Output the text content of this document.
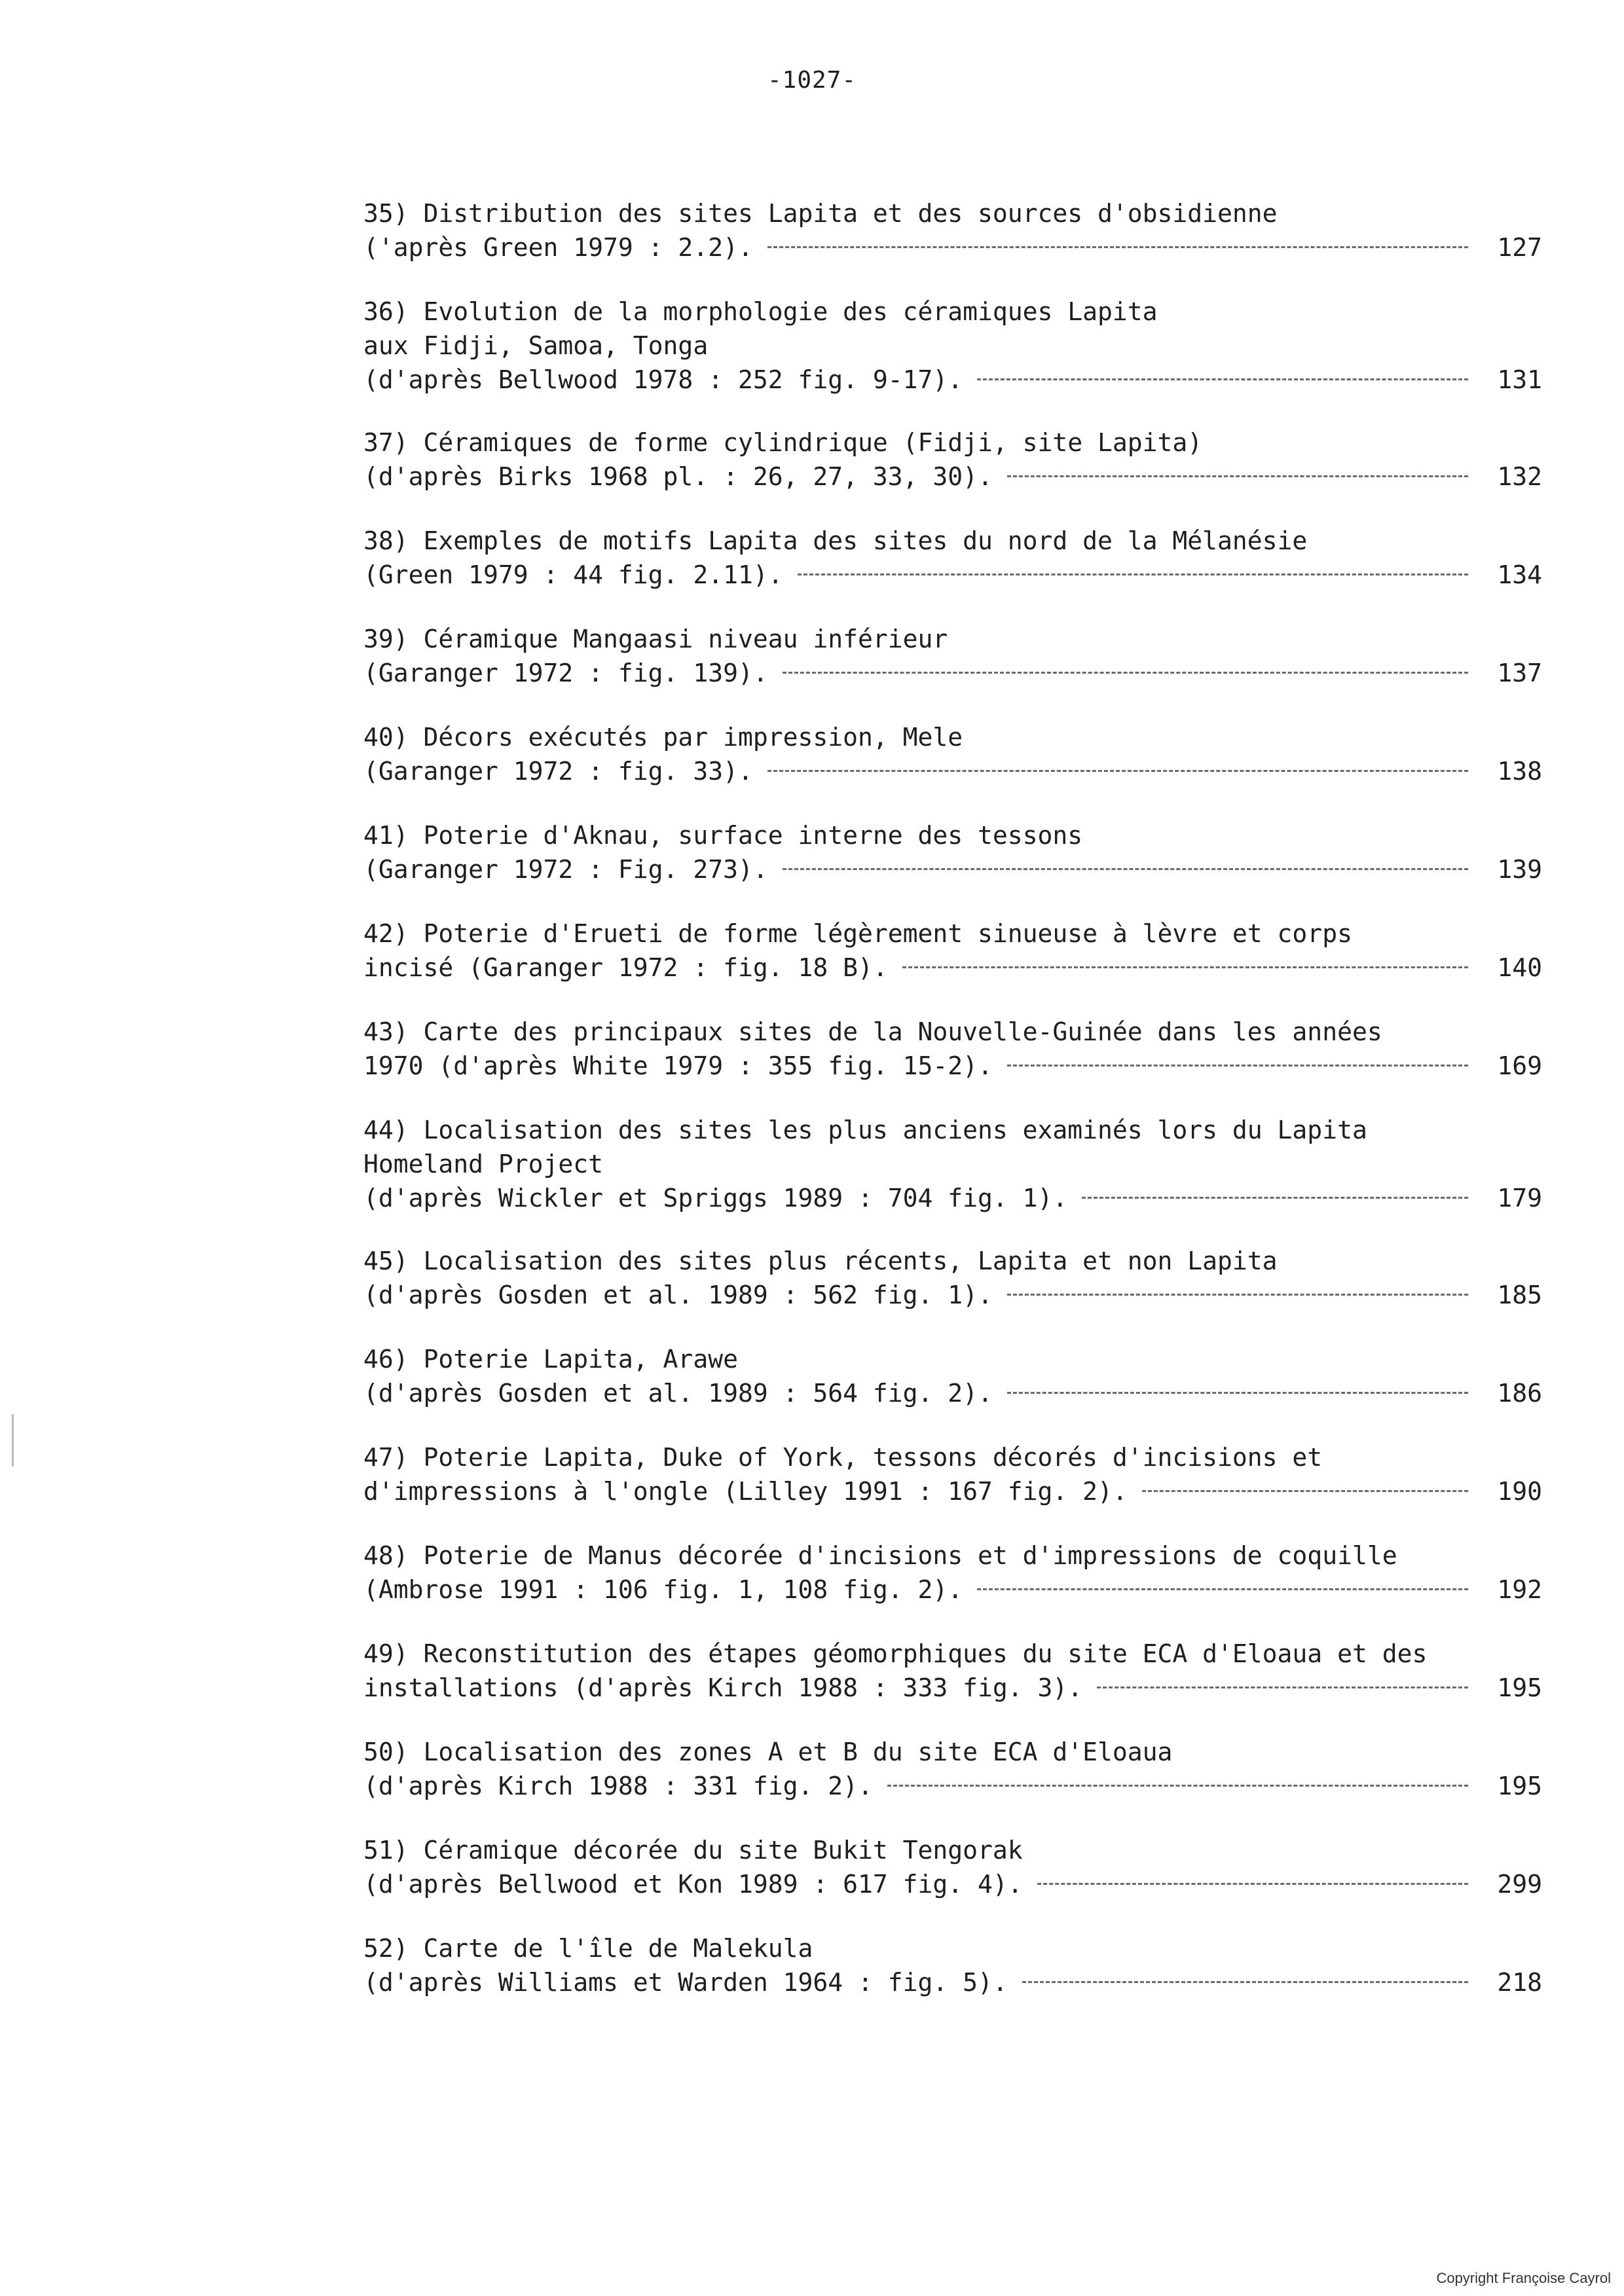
-1027-
35) Distribution des sites Lapita et des sources d'obsidienne
('après Green 1979 : 2.2).	127
36) Evolution de la morphologie des céramiques Lapita
aux Fidji, Samoa, Tonga
(d'après Bellwood 1978 : 252 fig. 9-17).	131
37) Céramiques de forme cylindrique (Fidji, site Lapita)
(d'après Birks 1968 pl. : 26, 27, 33, 30).	132
38) Exemples de motifs Lapita des sites du nord de la Mélanésie
(Green 1979 : 44 fig. 2.11).	134
39) Céramique Mangaasi niveau inférieur
(Garanger 1972 : fig. 139).	137
40) Décors exécutés par impression, Mele
(Garanger 1972 : fig. 33).	138
41) Poterie d'Aknau, surface interne des tessons
(Garanger 1972 : Fig. 273).	139
42) Poterie d'Erueti de forme légèrement sinueuse à lèvre et corps
incisé (Garanger 1972 : fig. 18 B).	140
43) Carte des principaux sites de la Nouvelle-Guinée dans les années
1970 (d'après White 1979 : 355 fig. 15-2).	169
44) Localisation des sites les plus anciens examinés lors du Lapita
Homeland Project
(d'après Wickler et Spriggs 1989 : 704 fig. 1).	179
45) Localisation des sites plus récents, Lapita et non Lapita
(d'après Gosden et al. 1989 : 562 fig. 1).	185
46) Poterie Lapita, Arawe
(d'après Gosden et al. 1989 : 564 fig. 2).	186
47) Poterie Lapita, Duke of York, tessons décorés d'incisions et
d'impressions à l'ongle (Lilley 1991 : 167 fig. 2).	190
48) Poterie de Manus décorée d'incisions et d'impressions de coquille
(Ambrose 1991 : 106 fig. 1, 108 fig. 2).	192
49) Reconstitution des étapes géomorphiques du site ECA d'Eloaua et des
installations (d'après Kirch 1988 : 333 fig. 3).	195
50) Localisation des zones A et B du site ECA d'Eloaua
(d'après Kirch 1988 : 331 fig. 2).	195
51) Céramique décorée du site Bukit Tengorak
(d'après Bellwood et Kon 1989 : 617 fig. 4).	299
52) Carte de l'île de Malekula
(d'après Williams et Warden 1964 : fig. 5).	218
Copyright Françoise Cayrol
